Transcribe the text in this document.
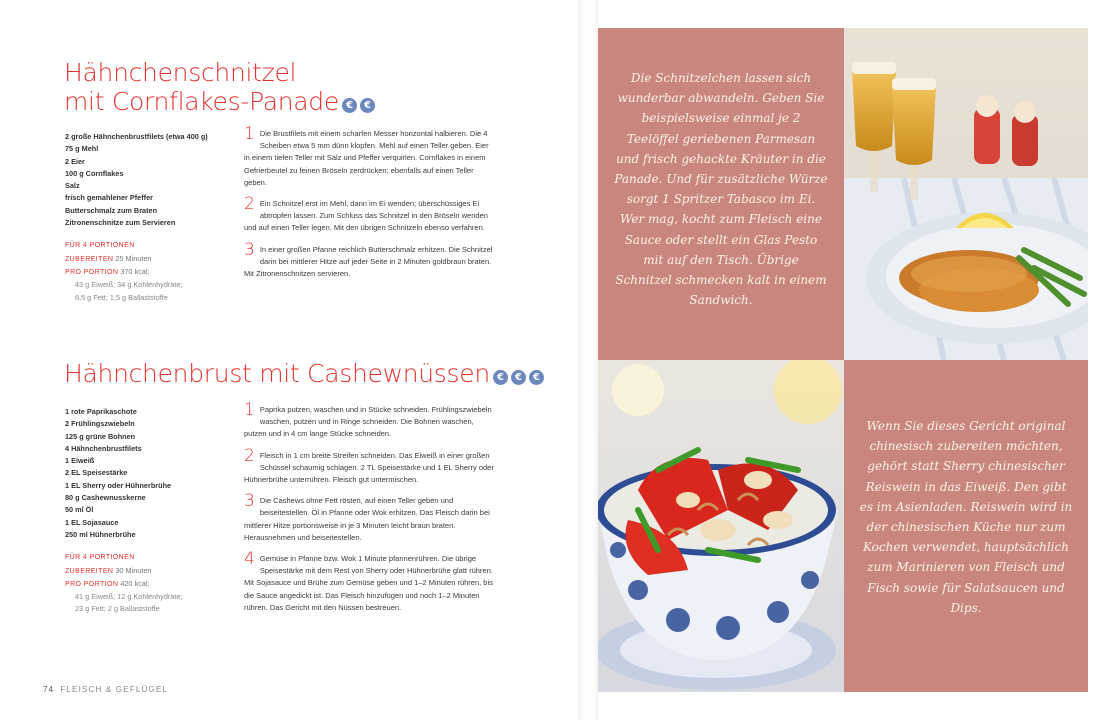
Hähnchenschnitzel
mit Cornflakes-Panade € €
2 große Hähnchenbrustfilets (etwa 400 g)
75 g Mehl
2 Eier
100 g Cornflakes
Salz
frisch gemahlener Pfeffer
Butterschmalz zum Braten
Zitronenschnitze zum Servieren
FÜR 4 PORTIONEN
ZUBEREITEN 25 Minuten
PRO PORTION 370 kcal;
43 g Eiweiß; 34 g Kohlenhydrate;
6,5 g Fett; 1,5 g Ballaststoffe
1 Die Brustfilets mit einem scharfen Messer horizontal halbieren. Die 4 Scheiben etwa 5 mm dünn klopfen. Mehl auf einen Teller geben. Eier in einem tiefen Teller mit Salz und Pfeffer verquirlen. Cornflakes in einem Gefrierbeutel zu feinen Bröseln zerdrücken; ebenfalls auf einen Teller geben.
2 Ein Schnitzel erst im Mehl, dann im Ei wenden; überschüssiges Ei abtropfen lassen. Zum Schluss das Schnitzel in den Bröseln wenden und auf einen Teller legen. Mit den übrigen Schnitzeln ebenso verfahren.
3 In einer großen Pfanne reichlich Butterschmalz erhitzen. Die Schnitzel darin bei mittlerer Hitze auf jeder Seite in 2 Minuten goldbraun braten. Mit Zitronenschnitzen servieren.
Hähnchenbrust mit Cashewnüssen € € €
1 rote Paprikaschote
2 Frühlingszwiebeln
125 g grüne Bohnen
4 Hähnchenbrustfilets
1 Eiweiß
2 EL Speisestärke
1 EL Sherry oder Hühnerbrühe
80 g Cashewnusskerne
50 ml Öl
1 EL Sojasauce
250 ml Hühnerbrühe
FÜR 4 PORTIONEN
ZUBEREITEN 30 Minuten
PRO PORTION 420 kcal;
41 g Eiweiß; 12 g Kohlenhydrate;
23 g Fett; 2 g Ballaststoffe
1 Paprika putzen, waschen und in Stücke schneiden. Frühlingszwiebeln waschen, putzen und in Ringe schneiden. Die Bohnen waschen, putzen und in 4 cm lange Stücke schneiden.
2 Fleisch in 1 cm breite Streifen schneiden. Das Eiweiß in einer großen Schüssel schaumig schlagen. 2 TL Speisestärke und 1 EL Sherry oder Hühnerbrühe unterrühren. Fleisch gut untermischen.
3 Die Cashews ohne Fett rösten, auf einen Teller geben und beiseitestellen. Öl in Pfanne oder Wok erhitzen. Das Fleisch darin bei mittlerer Hitze portionsweise in je 3 Minuten leicht braun braten. Herausnehmen und beiseitestellen.
4 Gemüse in Pfanne bzw. Wok 1 Minute pfannenrühren. Die übrige Speisestärke mit dem Rest von Sherry oder Hühnerbrühe glatt rühren. Mit Sojasauce und Brühe zum Gemüse geben und 1–2 Minuten rühren, bis die Sauce angedickt ist. Das Fleisch hinzufügen und noch 1–2 Minuten rühren. Das Gericht mit den Nüssen bestreuen.
74 FLEISCH & GEFLÜGEL

Die Schnitzelchen lassen sich wunderbar abwandeln. Geben Sie beispielsweise einmal je 2 Teelöffel geriebenen Parmesan und frisch gehackte Kräuter in die Panade. Und für zusätzliche Würze sorgt 1 Spritzer Tabasco im Ei. Wer mag, kocht zum Fleisch eine Sauce oder stellt ein Glas Pesto mit auf den Tisch. Übrige Schnitzel schmecken kalt in einem Sandwich.

Wenn Sie dieses Gericht original chinesisch zubereiten möchten, gehört statt Sherry chinesischer Reiswein in das Eiweiß. Den gibt es im Asienladen. Reiswein wird in der chinesischen Küche nur zum Kochen verwendet, hauptsächlich zum Marinieren von Fleisch und Fisch sowie für Salatsaucen und Dips.
